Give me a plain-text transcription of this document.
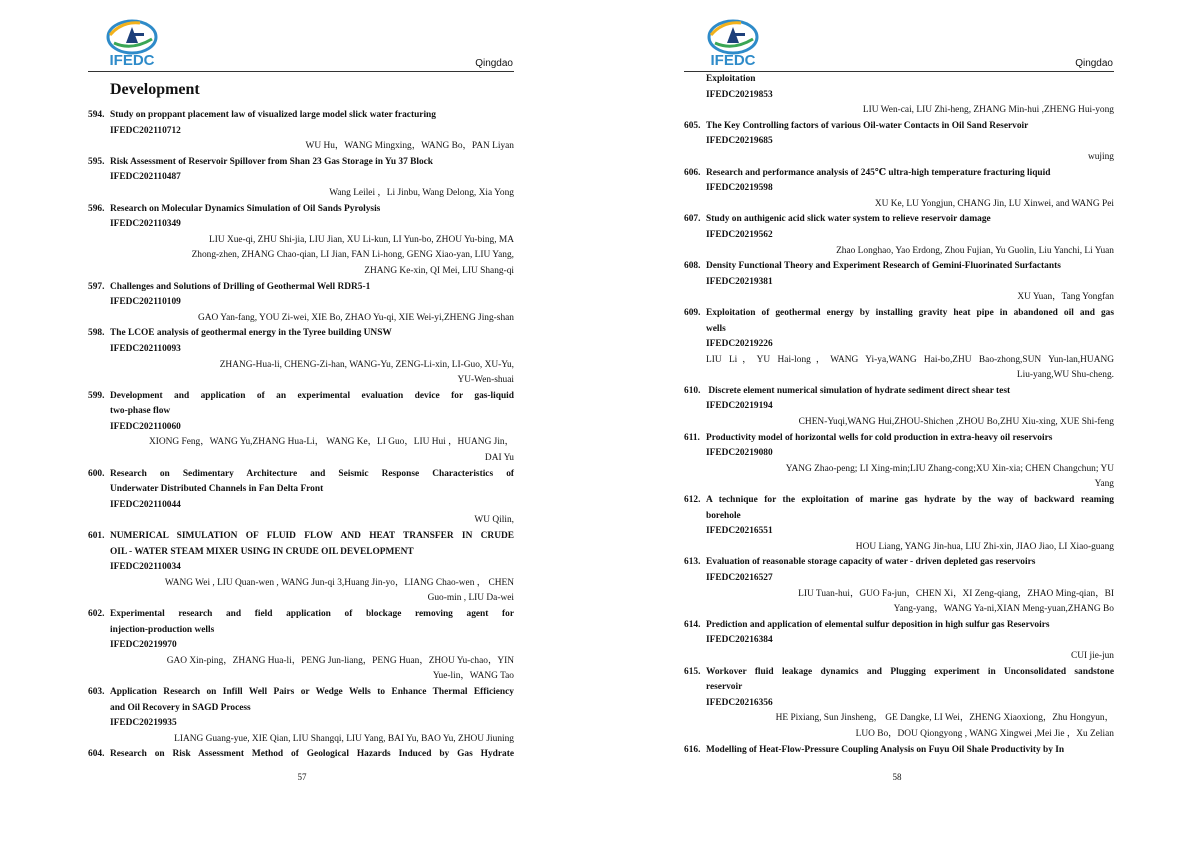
IFEDC	Qingdao
Development
594. Study on proppant placement law of visualized large model slick water fracturing
IFEDC202110712
WU Hu，WANG Mingxing，WANG Bo，PAN Liyan
595. Risk Assessment of Reservoir Spillover from Shan 23 Gas Storage in Yu 37 Block
IFEDC202110487
Wang Leilei ，Li Jinbu, Wang Delong, Xia Yong
596. Research on Molecular Dynamics Simulation of Oil Sands Pyrolysis
IFEDC202110349
LIU Xue-qi, ZHU Shi-jia, LIU Jian, XU Li-kun, LI Yun-bo, ZHOU Yu-bing, MA
Zhong-zhen, ZHANG Chao-qian, LI Jian, FAN Li-hong, GENG Xiao-yan, LIU Yang,
ZHANG Ke-xin, QI Mei, LIU Shang-qi
597. Challenges and Solutions of Drilling of Geothermal Well RDR5-1
IFEDC202110109
GAO Yan-fang, YOU Zi-wei, XIE Bo, ZHAO Yu-qi, XIE Wei-yi,ZHENG Jing-shan
598. The LCOE analysis of geothermal energy in the Tyree building UNSW
IFEDC202110093
ZHANG-Hua-li, CHENG-Zi-han, WANG-Yu, ZENG-Li-xin, LI-Guo, XU-Yu,
YU-Wen-shuai
599. Development and application of an experimental evaluation device for gas-liquid
two-phase flow
IFEDC202110060
XIONG Feng，WANG Yu,ZHANG Hua-Li， WANG Ke，LI Guo，LIU Hui ，HUANG Jin，
DAI Yu
600. Research on Sedimentary Architecture and Seismic Response Characteristics of
Underwater Distributed Channels in Fan Delta Front
IFEDC202110044
WU Qilin,
601. NUMERICAL SIMULATION OF FLUID FLOW AND HEAT TRANSFER IN CRUDE
OIL - WATER STEAM MIXER USING IN CRUDE OIL DEVELOPMENT
IFEDC202110034
WANG Wei , LIU Quan-wen , WANG Jun-qi 3,Huang Jin-yo，LIANG Chao-wen ， CHEN
Guo-min , LIU Da-wei
602. Experimental research and field application of blockage removing agent for
injection-production wells
IFEDC20219970
GAO Xin-ping，ZHANG Hua-li，PENG Jun-liang，PENG Huan，ZHOU Yu-chao，YIN
Yue-lin，WANG Tao
603. Application Research on Infill Well Pairs or Wedge Wells to Enhance Thermal Efficiency
and Oil Recovery in SAGD Process
IFEDC20219935
LIANG Guang-yue, XIE Qian, LIU Shangqi, LIU Yang, BAI Yu, BAO Yu, ZHOU Jiuning
604. Research on Risk Assessment Method of Geological Hazards Induced by Gas Hydrate
57
IFEDC	Qingdao
Exploitation
IFEDC20219853
LIU Wen-cai, LIU Zhi-heng, ZHANG Min-hui ,ZHENG Hui-yong
605. The Key Controlling factors of various Oil-water Contacts in Oil Sand Reservoir
IFEDC20219685
wujing
606. Research and performance analysis of 245℃ ultra-high temperature fracturing liquid
IFEDC20219598
XU Ke, LU Yongjun, CHANG Jin, LU Xinwei, and WANG Pei
607. Study on authigenic acid slick water system to relieve reservoir damage
IFEDC20219562
Zhao Longhao, Yao Erdong, Zhou Fujian, Yu Guolin, Liu Yanchi, Li Yuan
608. Density Functional Theory and Experiment Research of Gemini-Fluorinated Surfactants
IFEDC20219381
XU Yuan，Tang Yongfan
609. Exploitation of geothermal energy by installing gravity heat pipe in abandoned oil and gas
wells
IFEDC20219226
LIU Li，YU Hai-long，WANG Yi-ya,WANG Hai-bo,ZHU Bao-zhong,SUN Yun-lan,HUANG
Liu-yang,WU Shu-cheng.
610. Discrete element numerical simulation of hydrate sediment direct shear test
IFEDC20219194
CHEN-Yuqi,WANG Hui,ZHOU-Shichen ,ZHOU Bo,ZHU Xiu-xing, XUE Shi-feng
611. Productivity model of horizontal wells for cold production in extra-heavy oil reservoirs
IFEDC20219080
YANG Zhao-peng; LI Xing-min;LIU Zhang-cong;XU Xin-xia; CHEN Changchun; YU
Yang
612. A technique for the exploitation of marine gas hydrate by the way of backward reaming
borehole
IFEDC20216551
HOU Liang, YANG Jin-hua, LIU Zhi-xin, JIAO Jiao, LI Xiao-guang
613. Evaluation of reasonable storage capacity of water - driven depleted gas reservoirs
IFEDC20216527
LIU Tuan-hui，GUO Fa-jun，CHEN Xi，XI Zeng-qiang，ZHAO Ming-qian，BI
Yang-yang，WANG Ya-ni,XIAN Meng-yuan,ZHANG Bo
614. Prediction and application of elemental sulfur deposition in high sulfur gas Reservoirs
IFEDC20216384
CUI jie-jun
615. Workover fluid leakage dynamics and Plugging experiment in Unconsolidated sandstone
reservoir
IFEDC20216356
HE Pixiang, Sun Jinsheng， GE Dangke, LI Wei，ZHENG Xiaoxiong，Zhu Hongyun，
LUO Bo，DOU Qiongyong , WANG Xingwei ,Mei Jie ，Xu Zelian
616. Modelling of Heat-Flow-Pressure Coupling Analysis on Fuyu Oil Shale Productivity by In
58
